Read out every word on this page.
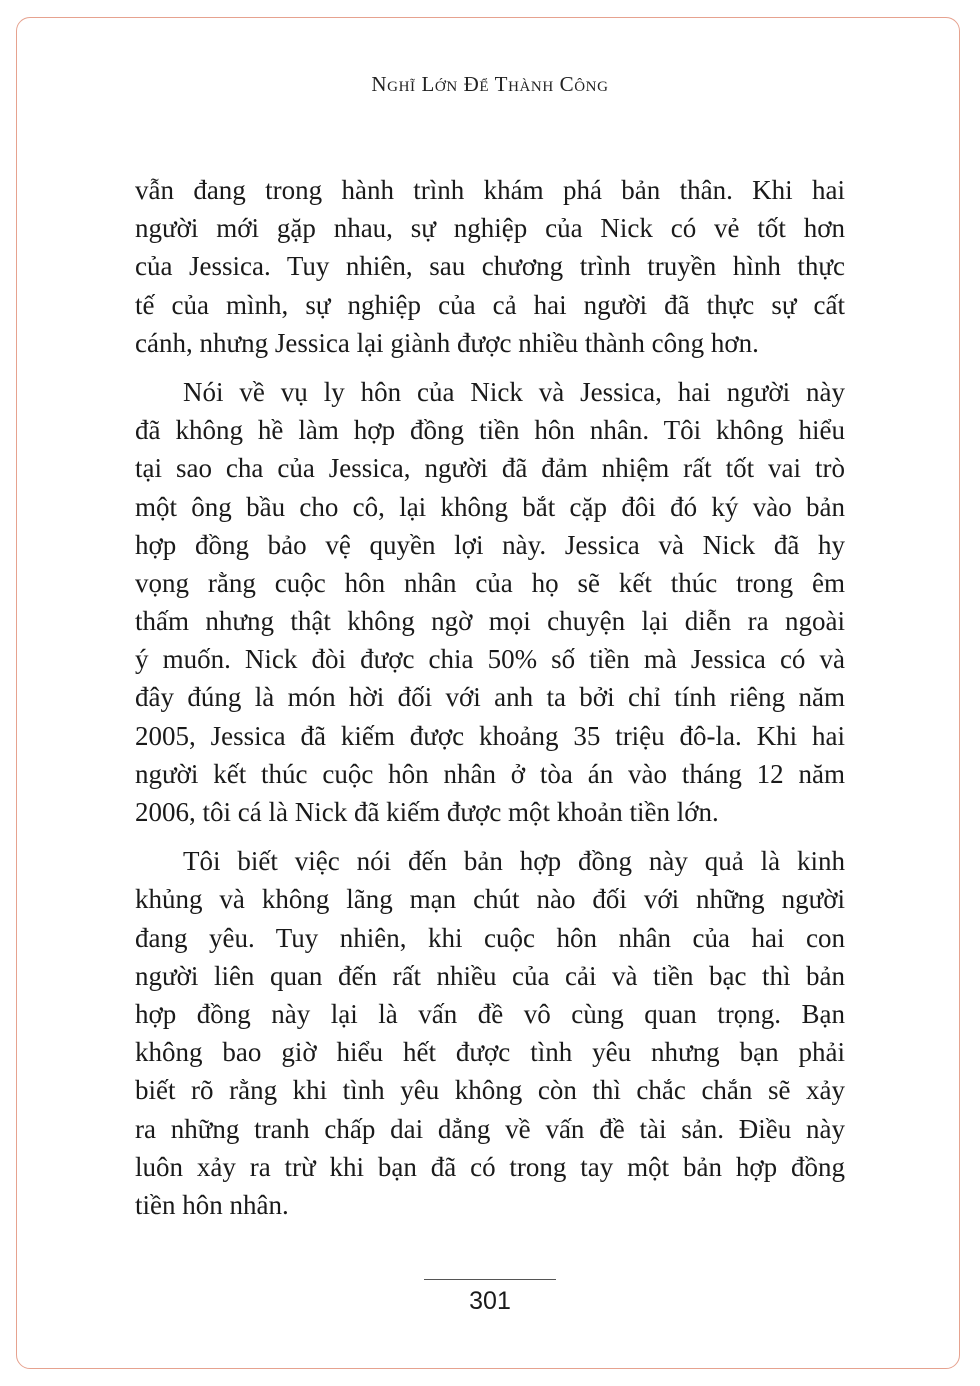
Nghĩ Lớn Để Thành Công

vẫn đang trong hành trình khám phá bản thân. Khi hai
người mới gặp nhau, sự nghiệp của Nick có vẻ tốt hơn
của Jessica. Tuy nhiên, sau chương trình truyền hình thực
tế của mình, sự nghiệp của cả hai người đã thực sự cất
cánh, nhưng Jessica lại giành được nhiều thành công hơn.

Nói về vụ ly hôn của Nick và Jessica, hai người này
đã không hề làm hợp đồng tiền hôn nhân. Tôi không hiểu
tại sao cha của Jessica, người đã đảm nhiệm rất tốt vai trò
một ông bầu cho cô, lại không bắt cặp đôi đó ký vào bản
hợp đồng bảo vệ quyền lợi này. Jessica và Nick đã hy
vọng rằng cuộc hôn nhân của họ sẽ kết thúc trong êm
thấm nhưng thật không ngờ mọi chuyện lại diễn ra ngoài
ý muốn. Nick đòi được chia 50% số tiền mà Jessica có và
đây đúng là món hời đối với anh ta bởi chỉ tính riêng năm
2005, Jessica đã kiếm được khoảng 35 triệu đô-la. Khi hai
người kết thúc cuộc hôn nhân ở tòa án vào tháng 12 năm
2006, tôi cá là Nick đã kiếm được một khoản tiền lớn.

Tôi biết việc nói đến bản hợp đồng này quả là kinh
khủng và không lãng mạn chút nào đối với những người
đang yêu. Tuy nhiên, khi cuộc hôn nhân của hai con
người liên quan đến rất nhiều của cải và tiền bạc thì bản
hợp đồng này lại là vấn đề vô cùng quan trọng. Bạn
không bao giờ hiểu hết được tình yêu nhưng bạn phải
biết rõ rằng khi tình yêu không còn thì chắc chắn sẽ xảy
ra những tranh chấp dai dẳng về vấn đề tài sản. Điều này
luôn xảy ra trừ khi bạn đã có trong tay một bản hợp đồng
tiền hôn nhân.

301
